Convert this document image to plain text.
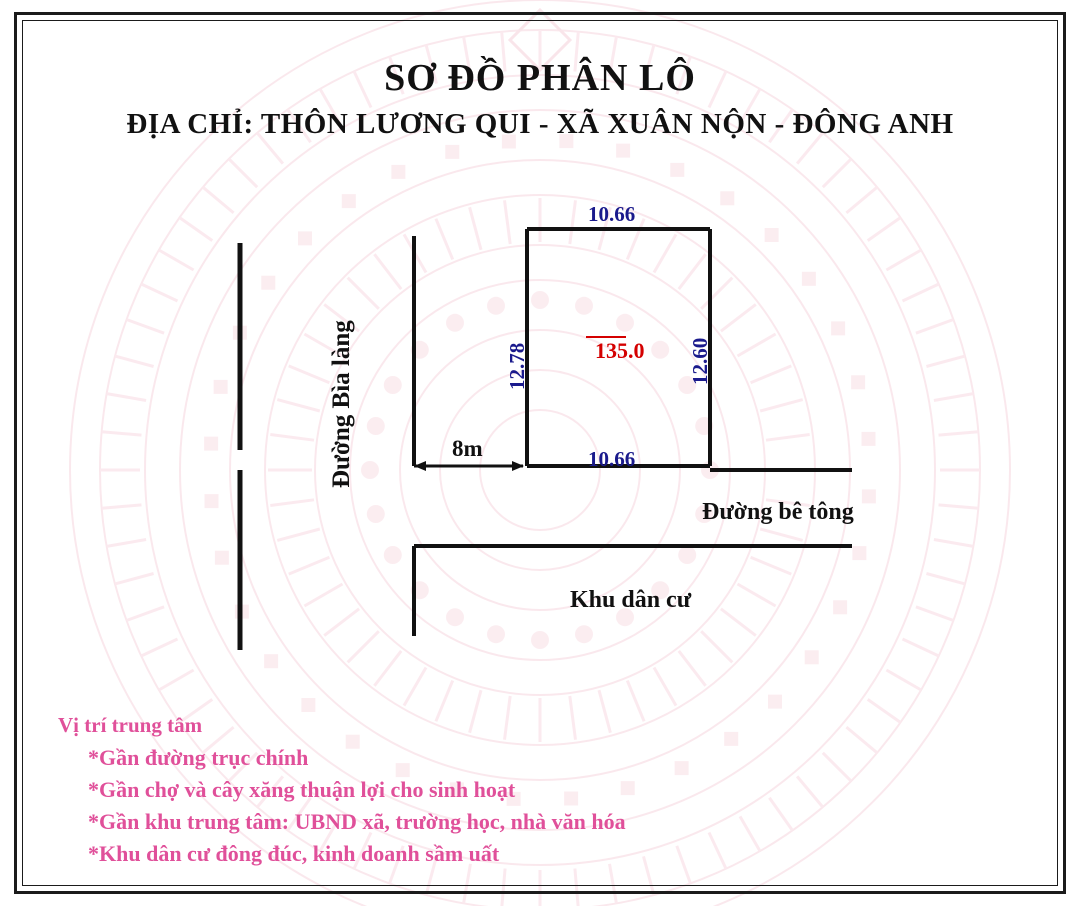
SƠ ĐỒ PHÂN LÔ
ĐỊA CHỈ: THÔN LƯƠNG QUI - XÃ XUÂN NỘN - ĐÔNG ANH
10.66
10.66
12.78	12.60
135.0
8m
Đường Bìa làng
Đường bê tông
Khu dân cư
Vị trí trung tâm
*Gần đường trục chính
*Gần chợ và cây xăng thuận lợi cho sinh hoạt
*Gần khu trung tâm: UBND xã, trường học, nhà văn hóa
*Khu dân cư đông đúc, kinh doanh sầm uất
